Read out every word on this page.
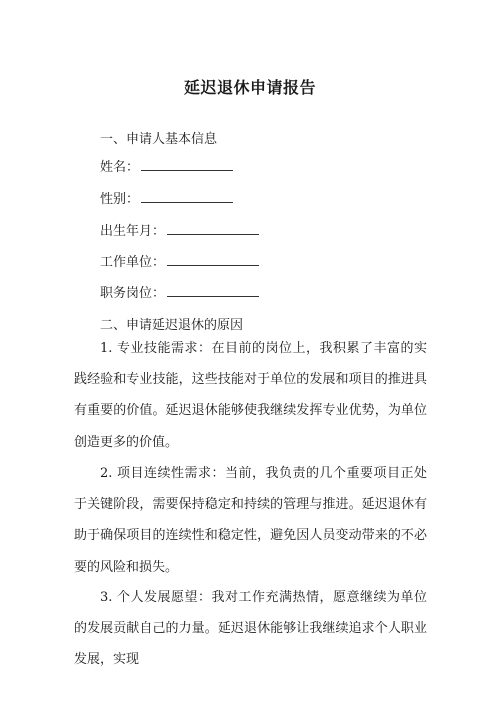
延迟退休申请报告
一、申请人基本信息
姓名：
性别：
出生年月：
工作单位：
职务岗位：
二、申请延迟退休的原因

1. 专业技能需求：在目前的岗位上，我积累了丰富的实践经验和专业技能，这些技能对于单位的发展和项目的推进具有重要的价值。延迟退休能够使我继续发挥专业优势，为单位创造更多的价值。

2. 项目连续性需求：当前，我负责的几个重要项目正处于关键阶段，需要保持稳定和持续的管理与推进。延迟退休有助于确保项目的连续性和稳定性，避免因人员变动带来的不必要的风险和损失。

3. 个人发展愿望：我对工作充满热情，愿意继续为单位的发展贡献自己的力量。延迟退休能够让我继续追求个人职业发展，实现
